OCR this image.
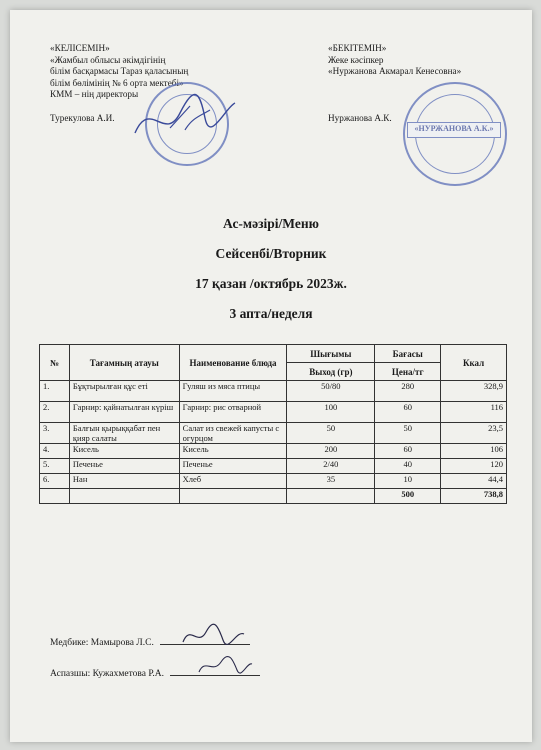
«КЕЛІСЕМІН»
«Жамбыл облысы әкімдігінің
білім басқармасы Тараз қаласының
білім бөлімінің № 6 орта мектебі»
КММ – нің директоры
Турекулова А.И.
«БЕКІТЕМІН»
Жеке кәсіпкер
«Нуржанова Акмарал Кенесовна»
Нуржанова А.К.
«НУРЖАНОВА А.К.»
Ас-мәзірі/Меню
Сейсенбі/Вторник
17 қазан /октябрь 2023ж.
3 апта/неделя
№	Тағамның атауы	Наименование блюда	Шығымы	Бағасы	Ккал
			Выход (гр)	Цена/тг	
1.	Бұқтырылған құс еті	Гуляш из мяса птицы	50/80	280	328,9
2.	Гарнир: қайнатылған күріш	Гарнир: рис отварной	100	60	116
3.	Балғын қырыққабат пен қияр салаты	Салат из свежей капусты с огурцом	50	50	23,5
4.	Кисель	Кисель	200	60	106
5.	Печенье	Печенье	2/40	40	120
6.	Нан	Хлеб	35	10	44,4
				500	738,8
Медбике: Мамырова Л.С.
Аспазшы: Кужахметова Р.А.
